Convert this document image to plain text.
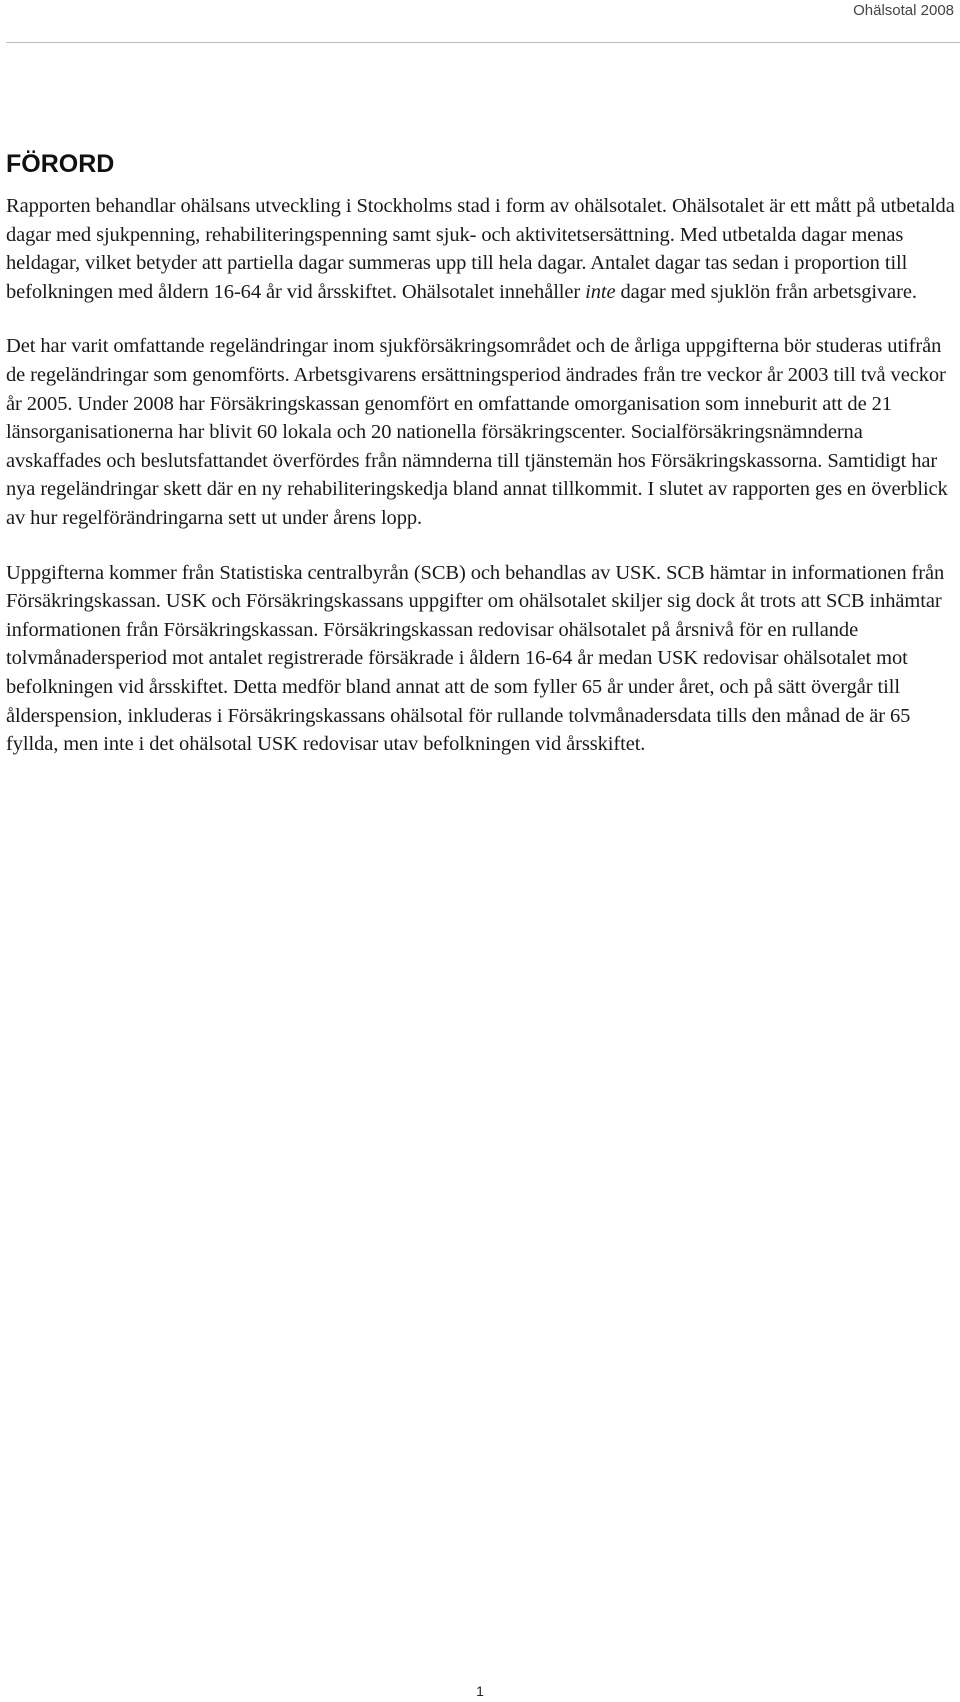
Ohälsotal 2008
FÖRORD

Rapporten behandlar ohälsans utveckling i Stockholms stad i form av ohälsotalet. Ohälsotalet är ett mått på utbetalda dagar med sjukpenning, rehabiliteringspenning samt sjuk- och aktivitetsersättning. Med utbetalda dagar menas heldagar, vilket betyder att partiella dagar summeras upp till hela dagar. Antalet dagar tas sedan i proportion till befolkningen med åldern 16-64 år vid årsskiftet. Ohälsotalet innehåller inte dagar med sjuklön från arbetsgivare.

Det har varit omfattande regeländringar inom sjukförsäkringsområdet och de årliga uppgifterna bör studeras utifrån de regeländringar som genomförts. Arbetsgivarens ersättningsperiod ändrades från tre veckor år 2003 till två veckor år 2005. Under 2008 har Försäkringskassan genomfört en omfattande omorganisation som inneburit att de 21 länsorganisationerna har blivit 60 lokala och 20 nationella försäkringscenter. Socialförsäkringsnämnderna avskaffades och beslutsfattandet överfördes från nämnderna till tjänstemän hos Försäkringskassorna. Samtidigt har nya regeländringar skett där en ny rehabiliteringskedja bland annat tillkommit. I slutet av rapporten ges en överblick av hur regelförändringarna sett ut under årens lopp.

Uppgifterna kommer från Statistiska centralbyrån (SCB) och behandlas av USK. SCB hämtar in informationen från Försäkringskassan. USK och Försäkringskassans uppgifter om ohälsotalet skiljer sig dock åt trots att SCB inhämtar informationen från Försäkringskassan. Försäkringskassan redovisar ohälsotalet på årsnivå för en rullande tolvmånadersperiod mot antalet registrerade försäkrade i åldern 16-64 år medan USK redovisar ohälsotalet mot befolkningen vid årsskiftet. Detta medför bland annat att de som fyller 65 år under året, och på sätt övergår till ålderspension, inkluderas i Försäkringskassans ohälsotal för rullande tolvmånadersdata tills den månad de är 65 fyllda, men inte i det ohälsotal USK redovisar utav befolkningen vid årsskiftet.

1
